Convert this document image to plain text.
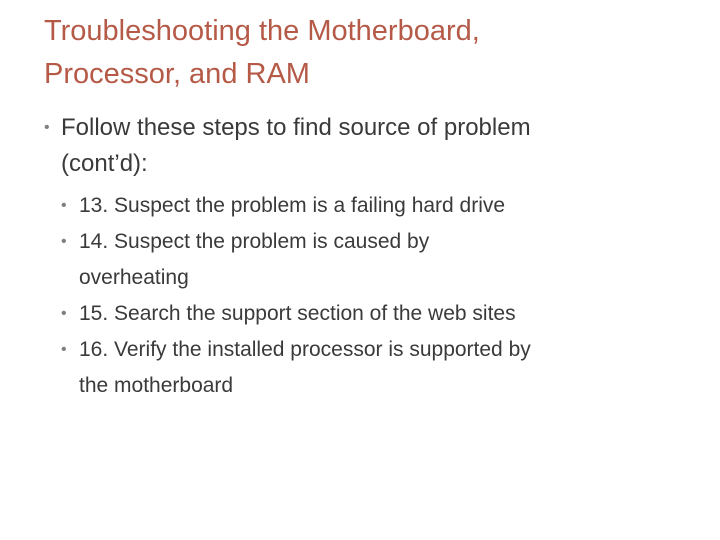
Troubleshooting the Motherboard,
Processor, and RAM
• Follow these steps to find source of problem
(cont’d):
• 13. Suspect the problem is a failing hard drive
• 14. Suspect the problem is caused by
overheating
• 15. Search the support section of the web sites
• 16. Verify the installed processor is supported by
the motherboard
